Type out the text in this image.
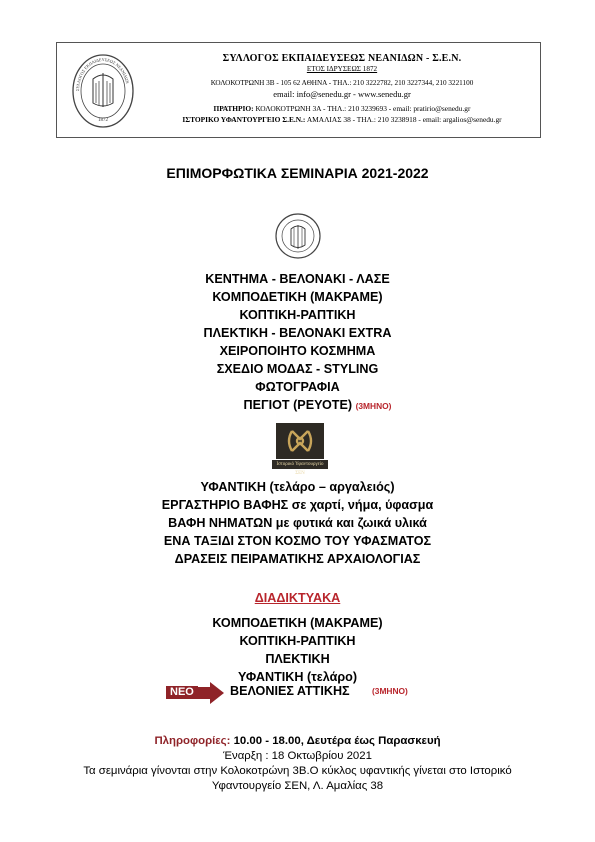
ΣΥΛΛΟΓΟΣ ΕΚΠΑΙΔΕΥΣΕΩΣ ΝΕΑΝΙΔΩΝ
1872
ΣΥΛΛΟΓΟΣ ΕΚΠΑΙΔΕΥΣΕΩΣ ΝΕΑΝΙΔΩΝ - Σ.Ε.Ν.
ΕΤΟΣ ΙΔΡΥΣΕΩΣ 1872
ΚΟΛΟΚΟΤΡΩΝΗ 3Β - 105 62 ΑΘΗΝΑ - ΤΗΛ.: 210 3222782, 210 3227344, 210 3221100
email: info@senedu.gr - www.senedu.gr
ΠΡΑΤΗΡΙΟ: ΚΟΛΟΚΟΤΡΩΝΗ 3Α - ΤΗΛ.: 210 3239693 - email: pratirio@senedu.gr
ΙΣΤΟΡΙΚΟ ΥΦΑΝΤΟΥΡΓΕΙΟ Σ.Ε.Ν.: ΑΜΑΛΙΑΣ 38 - ΤΗΛ.: 210 3238918 - email: argalios@senedu.gr
ΕΠΙΜΟΡΦΩΤΙΚΑ ΣΕΜΙΝΑΡΙΑ 2021-2022
ΚΕΝΤΗΜΑ - ΒΕΛΟΝΑΚΙ - ΛΑΣΕ
ΚΟΜΠΟΔΕΤΙΚΗ (ΜΑΚΡΑΜΕ)
ΚΟΠΤΙΚΗ-ΡΑΠΤΙΚΗ
ΠΛΕΚΤΙΚΗ - ΒΕΛΟΝΑΚΙ EXTRA
ΧΕΙΡΟΠΟΙΗΤΟ ΚΟΣΜΗΜΑ
ΣΧΕΔΙΟ ΜΟΔΑΣ - STYLING
ΦΩΤΟΓΡΑΦΙΑ
ΠΕΓΙΟΤ (ΡΕΥΟΤΕ) (3ΜΗΝΟ)
Ιστορικό Υφαντουργείο ΣΕΝ
ΥΦΑΝΤΙΚΗ (τελάρο – αργαλειός)
ΕΡΓΑΣΤΗΡΙΟ ΒΑΦΗΣ σε χαρτί, νήμα, ύφασμα
ΒΑΦΗ ΝΗΜΑΤΩΝ με φυτικά και ζωικά υλικά
ΕΝΑ ΤΑΞΙΔΙ ΣΤΟΝ ΚΟΣΜΟ ΤΟΥ ΥΦΑΣΜΑΤΟΣ
ΔΡΑΣΕΙΣ ΠΕΙΡΑΜΑΤΙΚΗΣ ΑΡΧΑΙΟΛΟΓΙΑΣ
ΔΙΑΔΙΚΤΥΑΚΑ
ΚΟΜΠΟΔΕΤΙΚΗ (ΜΑΚΡΑΜΕ)
ΚΟΠΤΙΚΗ-ΡΑΠΤΙΚΗ
ΠΛΕΚΤΙΚΗ
ΥΦΑΝΤΙΚΗ (τελάρο)
ΝΕΟ	ΒΕΛΟΝΙΕΣ ΑΤΤΙΚΗΣ	(3ΜΗΝΟ)
Πληροφορίες: 10.00 - 18.00, Δευτέρα έως Παρασκευή
Έναρξη : 18 Οκτωβρίου 2021
Τα σεμινάρια γίνονται στην Κολοκοτρώνη 3Β.Ο κύκλος υφαντικής γίνεται στο Ιστορικό
Υφαντουργείο ΣΕΝ, Λ. Αμαλίας 38
